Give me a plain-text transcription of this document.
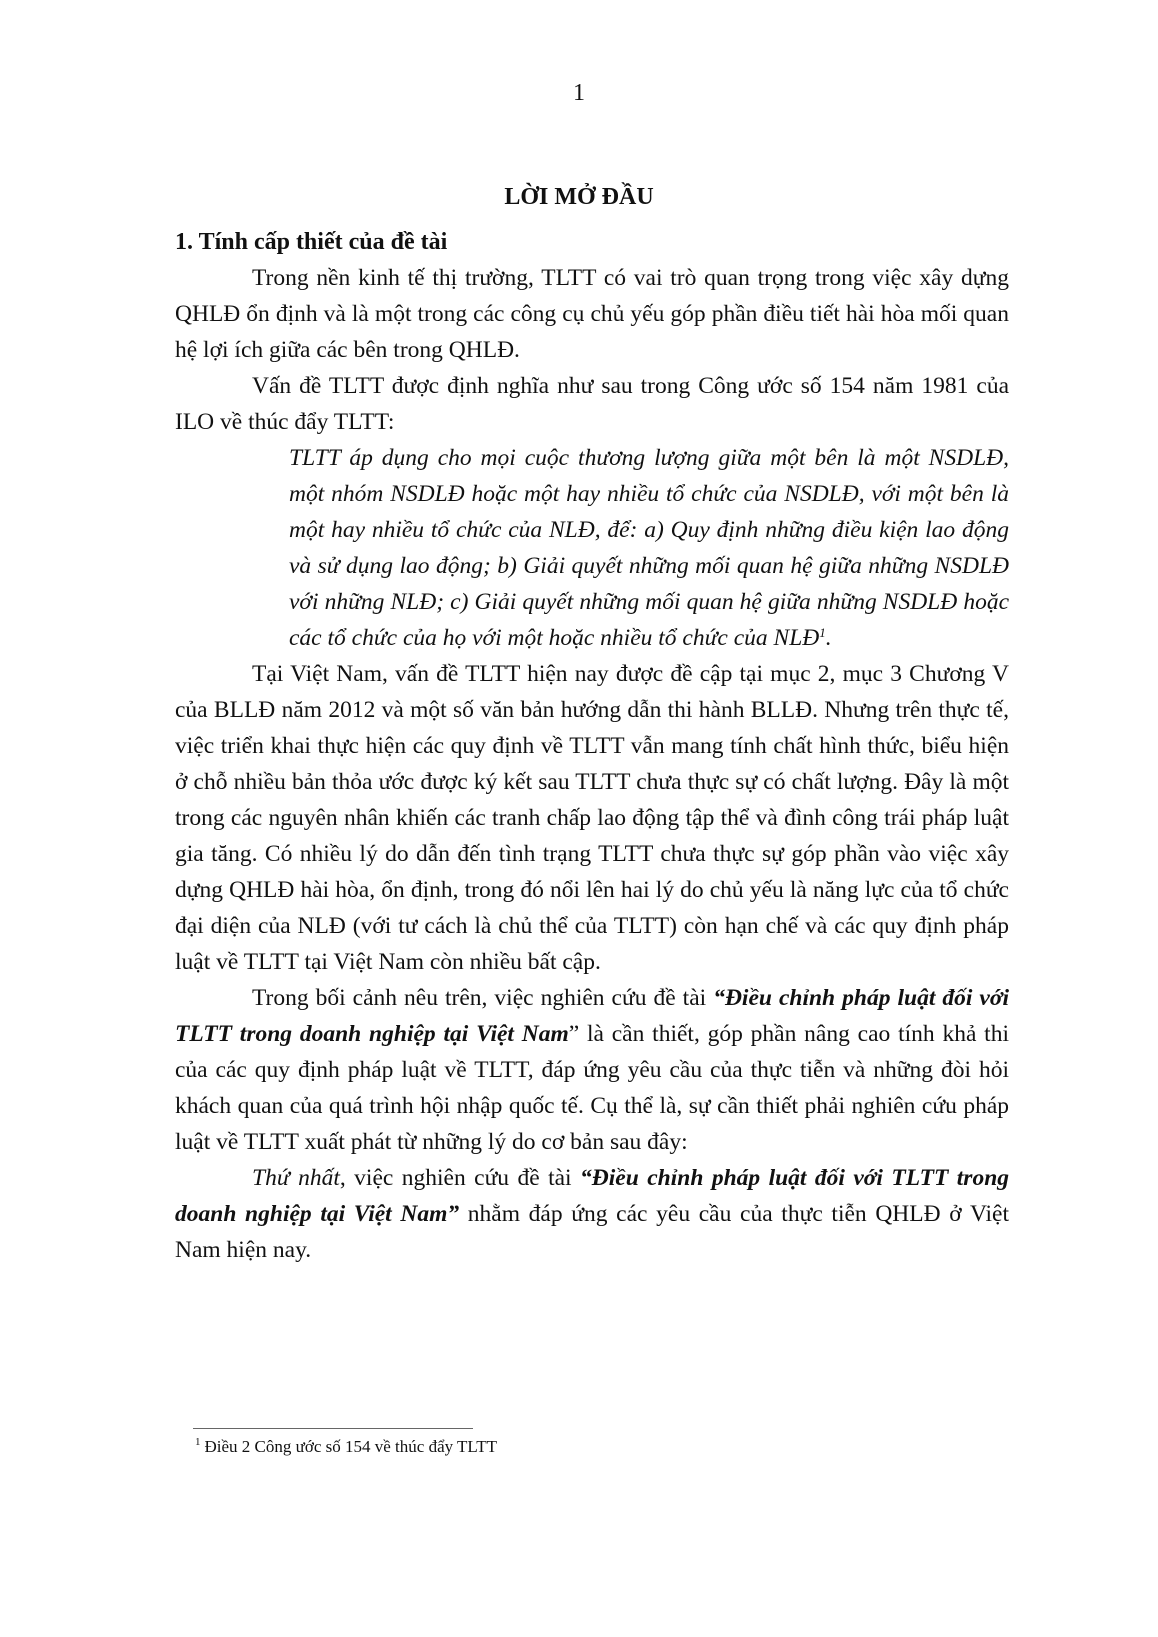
1
LỜI MỞ ĐẦU
1. Tính cấp thiết của đề tài

Trong nền kinh tế thị trường, TLTT có vai trò quan trọng trong việc xây dựng QHLĐ ổn định và là một trong các công cụ chủ yếu góp phần điều tiết hài hòa mối quan hệ lợi ích giữa các bên trong QHLĐ.

Vấn đề TLTT được định nghĩa như sau trong Công ước số 154 năm 1981 của ILO về thúc đẩy TLTT:

TLTT áp dụng cho mọi cuộc thương lượng giữa một bên là một NSDLĐ, một nhóm NSDLĐ hoặc một hay nhiều tổ chức của NSDLĐ, với một bên là một hay nhiều tổ chức của NLĐ, để: a) Quy định những điều kiện lao động và sử dụng lao động; b) Giải quyết những mối quan hệ giữa những NSDLĐ với những NLĐ; c) Giải quyết những mối quan hệ giữa những NSDLĐ hoặc các tổ chức của họ với một hoặc nhiều tổ chức của NLĐ$^1$.

Tại Việt Nam, vấn đề TLTT hiện nay được đề cập tại mục 2, mục 3 Chương V của BLLĐ năm 2012 và một số văn bản hướng dẫn thi hành BLLĐ. Nhưng trên thực tế, việc triển khai thực hiện các quy định về TLTT vẫn mang tính chất hình thức, biểu hiện ở chỗ nhiều bản thỏa ước được ký kết sau TLTT chưa thực sự có chất lượng. Đây là một trong các nguyên nhân khiến các tranh chấp lao động tập thể và đình công trái pháp luật gia tăng. Có nhiều lý do dẫn đến tình trạng TLTT chưa thực sự góp phần vào việc xây dựng QHLĐ hài hòa, ổn định, trong đó nổi lên hai lý do chủ yếu là năng lực của tổ chức đại diện của NLĐ (với tư cách là chủ thể của TLTT) còn hạn chế và các quy định pháp luật về TLTT tại Việt Nam còn nhiều bất cập.

Trong bối cảnh nêu trên, việc nghiên cứu đề tài “Điều chỉnh pháp luật đối với TLTT trong doanh nghiệp tại Việt Nam” là cần thiết, góp phần nâng cao tính khả thi của các quy định pháp luật về TLTT, đáp ứng yêu cầu của thực tiễn và những đòi hỏi khách quan của quá trình hội nhập quốc tế. Cụ thể là, sự cần thiết phải nghiên cứu pháp luật về TLTT xuất phát từ những lý do cơ bản sau đây:

Thứ nhất, việc nghiên cứu đề tài “Điều chỉnh pháp luật đối với TLTT trong doanh nghiệp tại Việt Nam” nhằm đáp ứng các yêu cầu của thực tiễn QHLĐ ở Việt Nam hiện nay.

$^1$ Điều 2 Công ước số 154 về thúc đẩy TLTT
